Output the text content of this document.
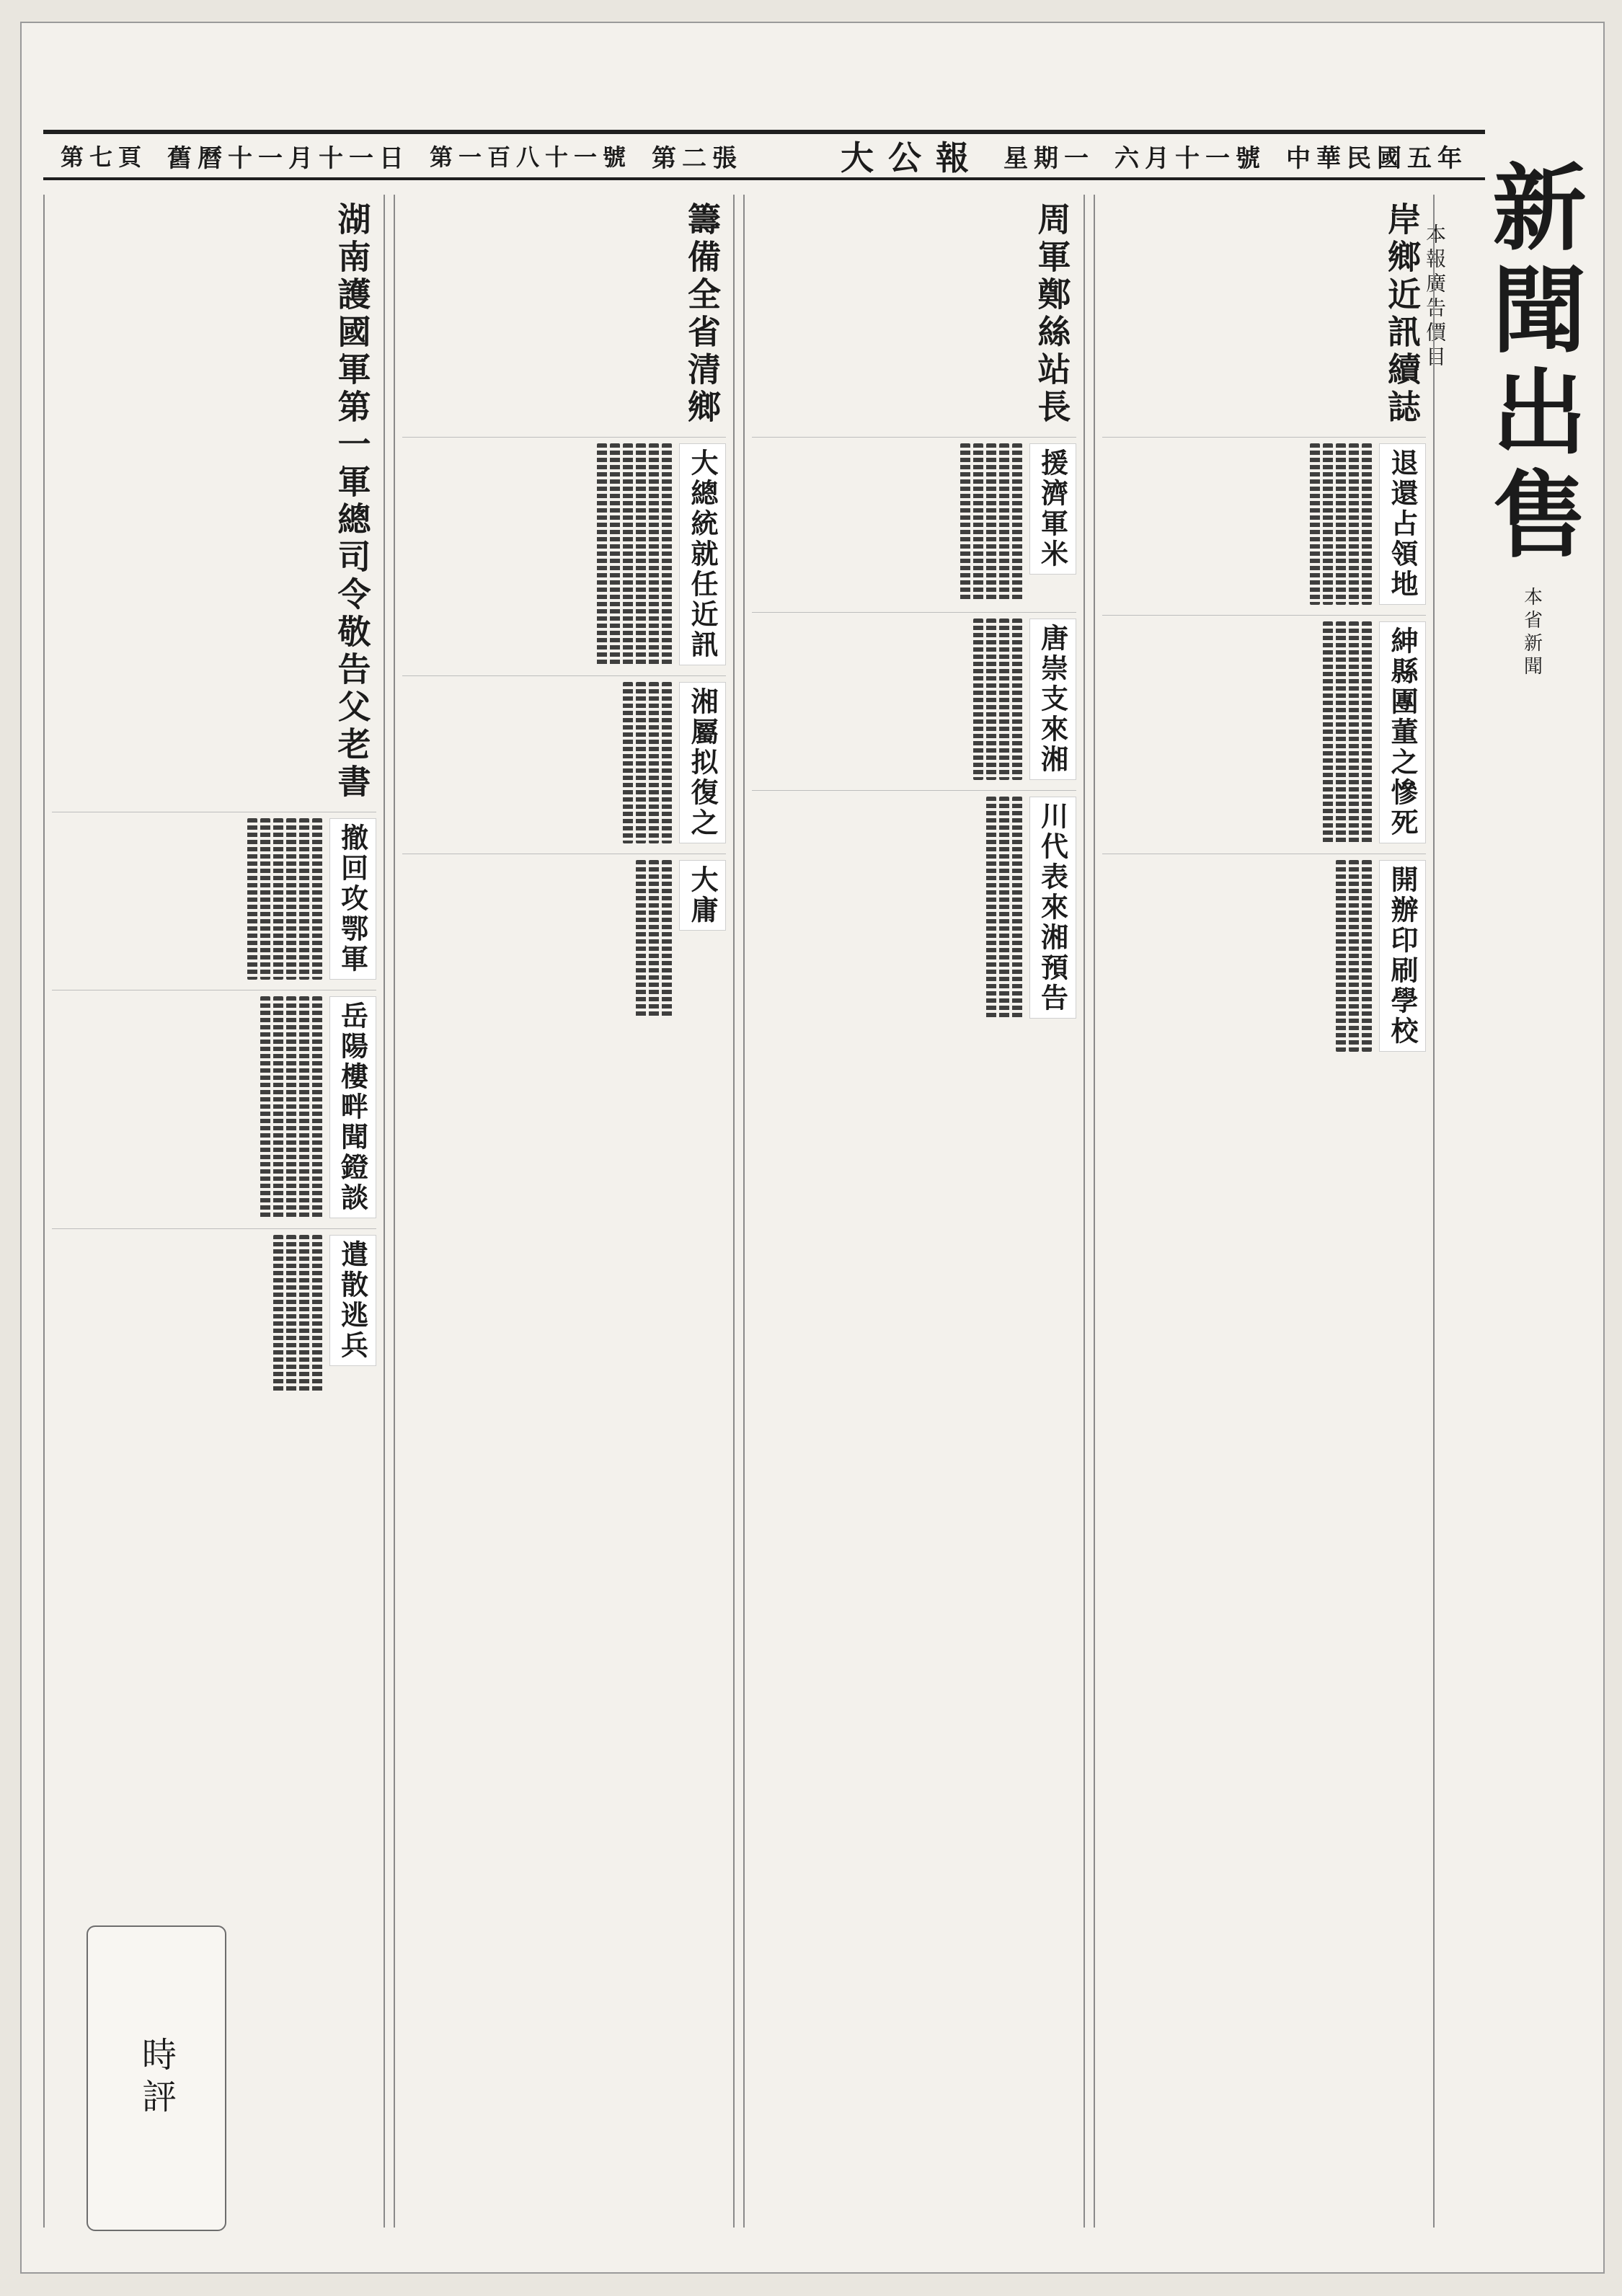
第七頁 舊曆十一月十一日 第一百八十一號 第二張	大公報 星期一 六月十一號 中華民國五年
新聞出售
本省新聞
本報廣告價目
湖南護國軍第一軍總司令敬告父老書
撤回攻鄂軍
岳陽樓畔聞鐙談
遣散逃兵
籌備全省清鄉
大總統就任近訊
湘屬拟復之
大庸
周軍鄭絲站長
援濟軍米
唐崇支來湘
川代表來湘預告
岸鄉近訊續誌
退還占領地
紳縣團董之慘死
開辦印刷學校
時評
